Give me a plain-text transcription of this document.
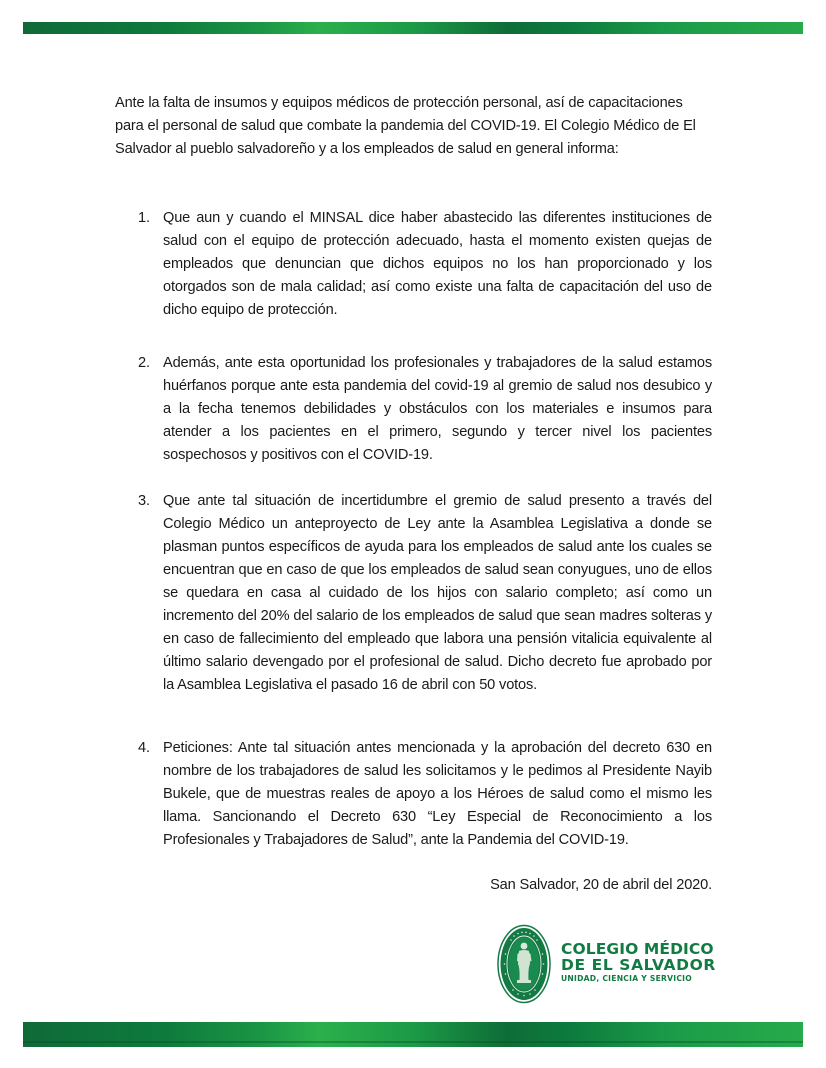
Ante la falta de insumos y equipos médicos de protección personal, así de capacitaciones para el personal de salud que combate la pandemia del COVID-19. El Colegio Médico de El Salvador al pueblo salvadoreño y a los empleados de salud en general informa:

1. Que aun y cuando el MINSAL dice haber abastecido las diferentes instituciones de salud con el equipo de protección adecuado, hasta el momento existen quejas de empleados que denuncian que dichos equipos no los han proporcionado y los otorgados son de mala calidad; así como existe una falta de capacitación del uso de dicho equipo de protección.
2. Además, ante esta oportunidad los profesionales y trabajadores de la salud estamos huérfanos porque ante esta pandemia del covid-19 al gremio de salud nos desubico y a la fecha tenemos debilidades y obstáculos con los materiales e insumos para atender a los pacientes en el primero, segundo y tercer nivel los pacientes sospechosos y positivos con el COVID-19.
3. Que ante tal situación de incertidumbre el gremio de salud presento a través del Colegio Médico un anteproyecto de Ley ante la Asamblea Legislativa a donde se plasman puntos específicos de ayuda para los empleados de salud ante los cuales se encuentran que en caso de que los empleados de salud sean conyugues, uno de ellos se quedara en casa al cuidado de los hijos con salario completo; así como un incremento del 20% del salario de los empleados de salud que sean madres solteras y en caso de fallecimiento del empleado que labora una pensión vitalicia equivalente al último salario devengado por el profesional de salud. Dicho decreto fue aprobado por la Asamblea Legislativa el pasado 16 de abril con 50 votos.
4. Peticiones: Ante tal situación antes mencionada y la aprobación del decreto 630 en nombre de los trabajadores de salud les solicitamos y le pedimos al Presidente Nayib Bukele, que de muestras reales de apoyo a los Héroes de salud como el mismo les llama. Sancionando el Decreto 630 “Ley Especial de Reconocimiento a los Profesionales y Trabajadores de Salud”, ante la Pandemia del COVID-19.
San Salvador, 20 de abril del 2020.
COLEGIO MÉDICO
DE EL SALVADOR
UNIDAD, CIENCIA Y SERVICIO
